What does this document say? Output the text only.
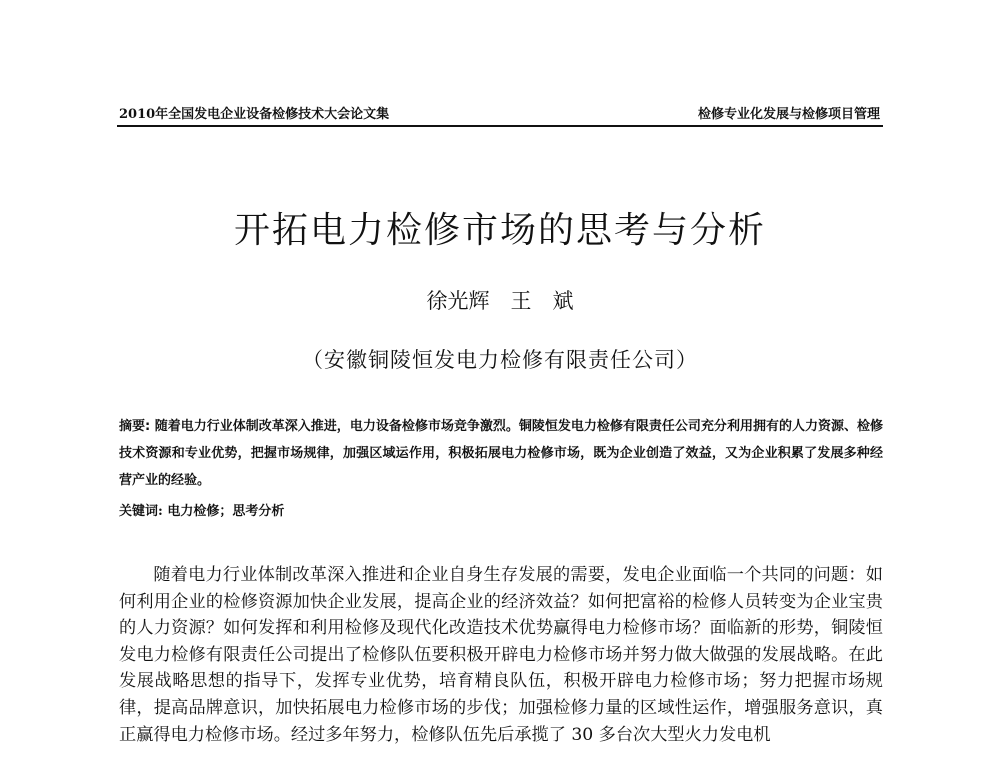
2010年全国发电企业设备检修技术大会论文集	检修专业化发展与检修项目管理
开拓电力检修市场的思考与分析
徐光辉　王　斌
（安徽铜陵恒发电力检修有限责任公司）
摘要: 随着电力行业体制改革深入推进，电力设备检修市场竞争激烈。铜陵恒发电力检修有限责任公司充分利用拥有的人力资源、检修技术资源和专业优势，把握市场规律，加强区域运作用，积极拓展电力检修市场，既为企业创造了效益，又为企业积累了发展多种经营产业的经验。
关键词: 电力检修；思考分析
随着电力行业体制改革深入推进和企业自身生存发展的需要，发电企业面临一个共同的问题：如何利用企业的检修资源加快企业发展，提高企业的经济效益？如何把富裕的检修人员转变为企业宝贵的人力资源？如何发挥和利用检修及现代化改造技术优势赢得电力检修市场？面临新的形势，铜陵恒发电力检修有限责任公司提出了检修队伍要积极开辟电力检修市场并努力做大做强的发展战略。在此发展战略思想的指导下，发挥专业优势，培育精良队伍，积极开辟电力检修市场；努力把握市场规律，提高品牌意识，加快拓展电力检修市场的步伐；加强检修力量的区域性运作，增强服务意识，真正赢得电力检修市场。经过多年努力，检修队伍先后承揽了 30 多台次大型火力发电机
